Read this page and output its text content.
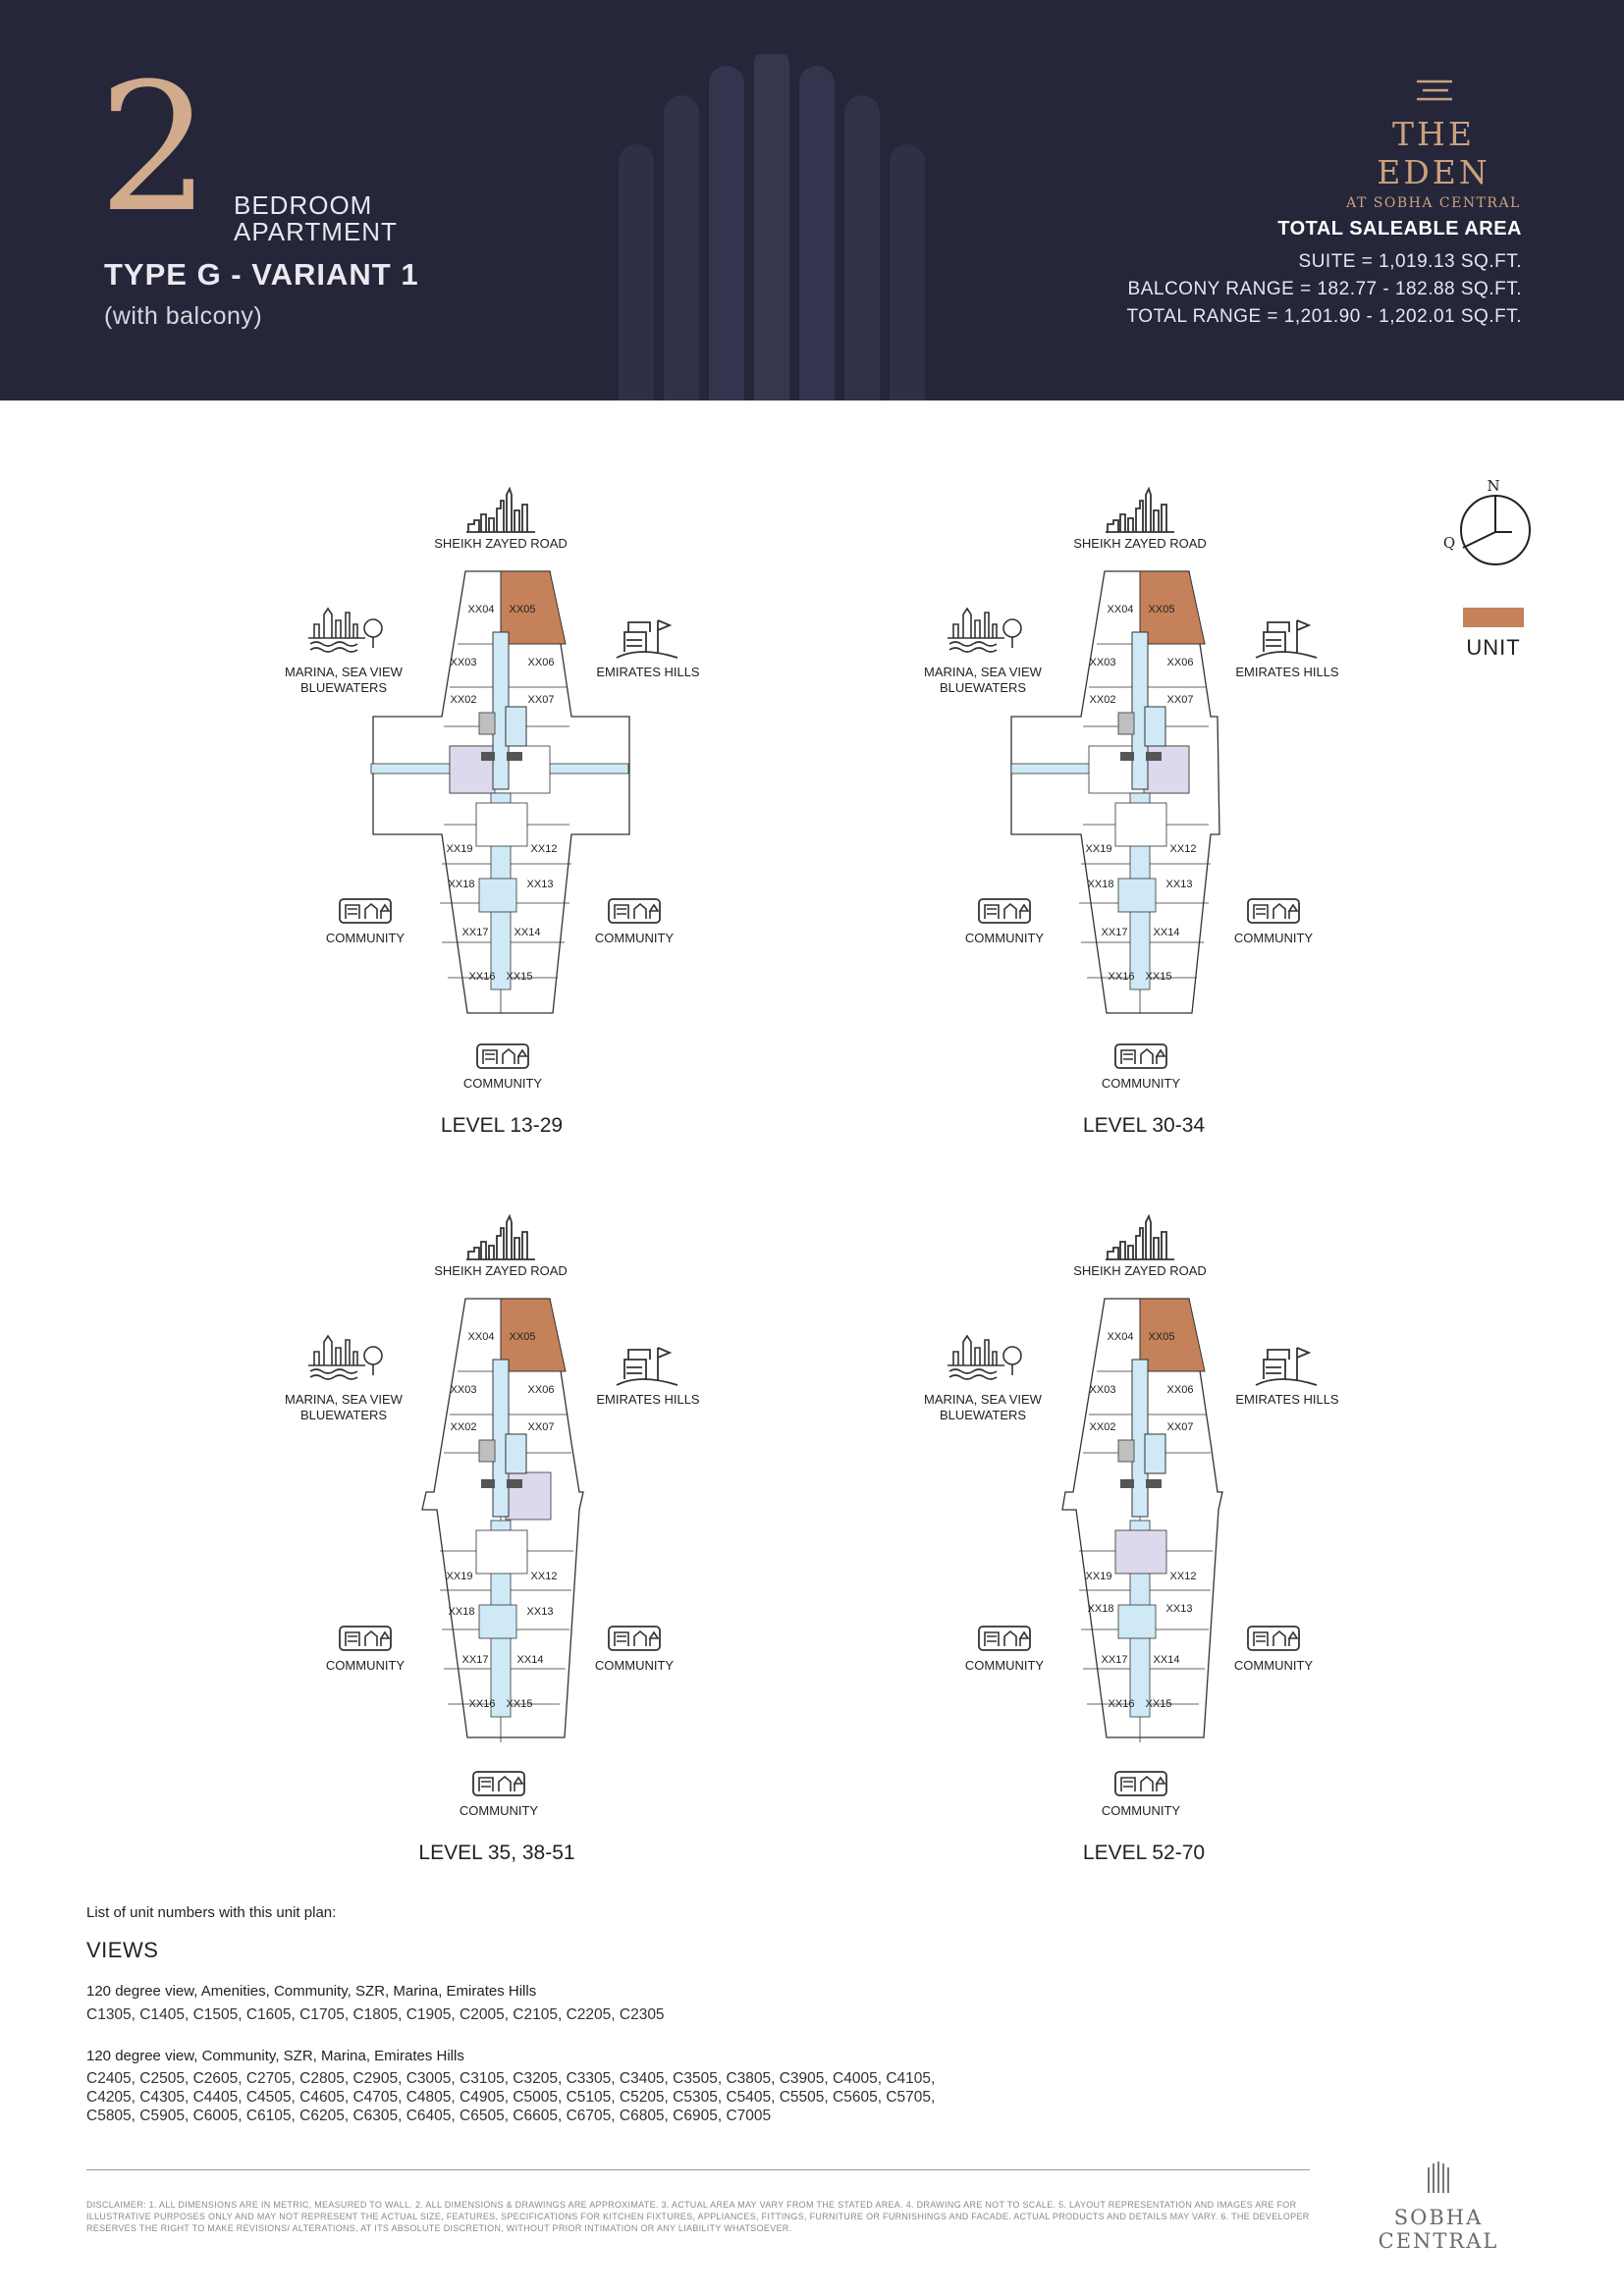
2 BEDROOM
APARTMENT
TYPE G - VARIANT 1
(with balcony)
THE EDEN
AT SOBHA CENTRAL
TOTAL SALEABLE AREA
SUITE = 1,019.13 SQ.FT.
BALCONY RANGE = 182.77 - 182.88 SQ.FT.
TOTAL RANGE = 1,201.90 - 1,202.01 SQ.FT.
SHEIKH ZAYED ROAD
MARINA, SEA VIEW
BLUEWATERS
EMIRATES HILLS
COMMUNITY	COMMUNITY
COMMUNITY
XX04 XX05
XX03	XX06
XX02	XX07
XX19	XX12
XX18	XX13
XX17 XX14
XX16 XX15
LEVEL 13-29
SHEIKH ZAYED ROAD
MARINA, SEA VIEW
BLUEWATERS
EMIRATES HILLS
COMMUNITY	COMMUNITY
COMMUNITY
XX04 XX05
XX03	XX06
XX02	XX07
XX19	XX12
XX18	XX13
XX17 XX14
XX16 XX15
LEVEL 30-34
SHEIKH ZAYED ROAD
MARINA, SEA VIEW
BLUEWATERS
EMIRATES HILLS
COMMUNITY	COMMUNITY
COMMUNITY
XX04 XX05
XX03	XX06
XX02	XX07
XX19	XX12
XX18	XX13
XX17	XX14
XX16 XX15
LEVEL 35, 38-51
SHEIKH ZAYED ROAD
MARINA, SEA VIEW
BLUEWATERS
EMIRATES HILLS
COMMUNITY	COMMUNITY
COMMUNITY
XX04 XX05
XX03	XX06
XX02	XX07
XX19	XX12
XX18	XX13
XX17 XX14
XX16 XX15
LEVEL 52-70
N
Q
UNIT
List of unit numbers with this unit plan:
VIEWS
120 degree view, Amenities, Community, SZR, Marina, Emirates Hills
C1305, C1405, C1505, C1605, C1705, C1805, C1905, C2005, C2105, C2205, C2305
120 degree view, Community, SZR, Marina, Emirates Hills
C2405, C2505, C2605, C2705, C2805, C2905, C3005, C3105, C3205, C3305, C3405, C3505, C3805, C3905, C4005, C4105,
C4205, C4305, C4405, C4505, C4605, C4705, C4805, C4905, C5005, C5105, C5205, C5305, C5405, C5505, C5605, C5705,
C5805, C5905, C6005, C6105, C6205, C6305, C6405, C6505, C6605, C6705, C6805, C6905, C7005
DISCLAIMER: 1. ALL DIMENSIONS ARE IN METRIC, MEASURED TO WALL. 2. ALL DIMENSIONS & DRAWINGS ARE APPROXIMATE. 3. ACTUAL AREA MAY VARY FROM THE STATED AREA. 4. DRAWING ARE NOT TO SCALE. 5. LAYOUT REPRESENTATION AND IMAGES ARE FOR ILLUSTRATIVE PURPOSES ONLY AND MAY NOT REPRESENT THE ACTUAL SIZE, FEATURES, SPECIFICATIONS FOR KITCHEN FIXTURES, APPLIANCES, FITTINGS, FURNITURE OR FURNISHINGS AND FACADE. ACTUAL PRODUCTS AND DETAILS MAY VARY. 6. THE DEVELOPER RESERVES THE RIGHT TO MAKE REVISIONS/ ALTERATIONS, AT ITS ABSOLUTE DISCRETION, WITHOUT PRIOR INTIMATION OR ANY LIABILITY WHATSOEVER.	SOBHA CENTRAL
